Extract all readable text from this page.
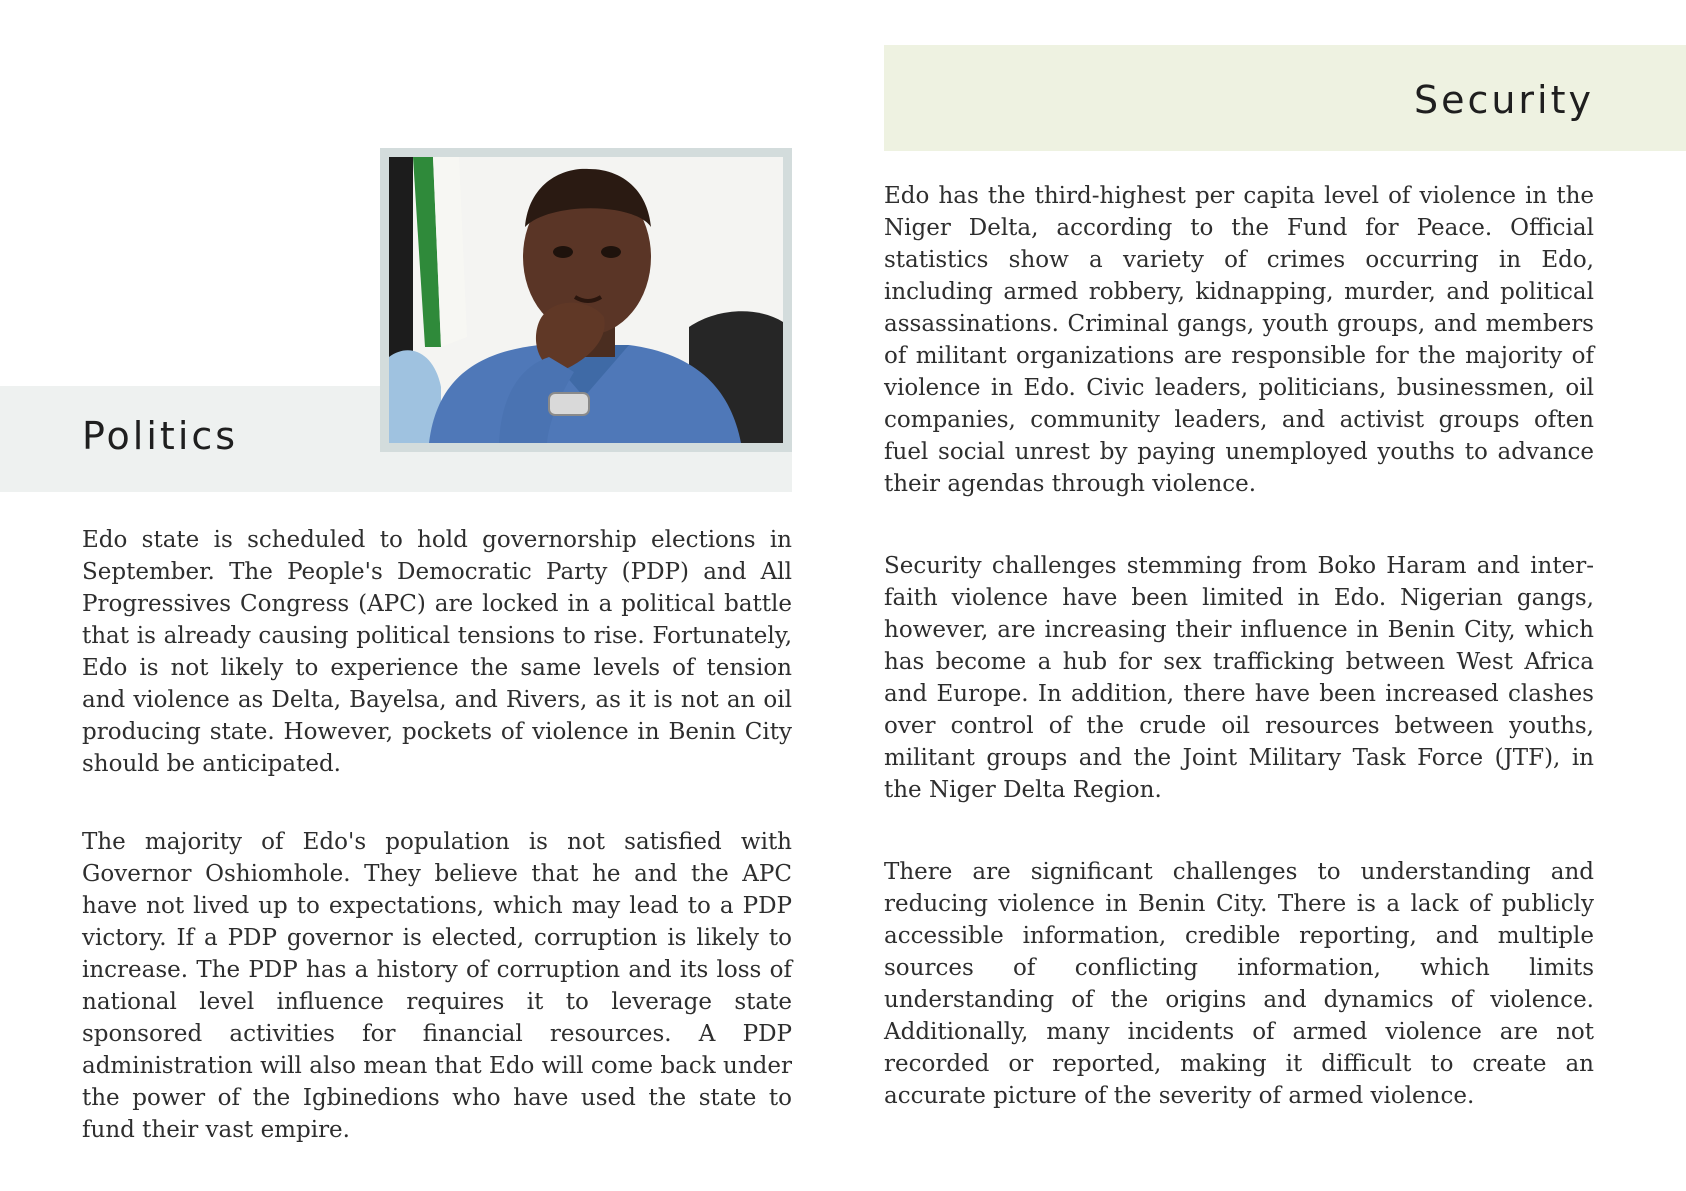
Security
Politics

Edo state is scheduled to hold governorship elections in September. The People's Democratic Party (PDP) and All Progressives Congress (APC) are locked in a political battle that is already causing political tensions to rise. Fortunately, Edo is not likely to experience the same levels of tension and violence as Delta, Bayelsa, and Rivers, as it is not an oil producing state. However, pockets of violence in Benin City should be anticipated.

The majority of Edo's population is not satisfied with Governor Oshiomhole. They believe that he and the APC have not lived up to expectations, which may lead to a PDP victory. If a PDP governor is elected, corruption is likely to increase. The PDP has a history of corruption and its loss of national level influence requires it to leverage state sponsored activities for financial resources. A PDP administration will also mean that Edo will come back under the power of the Igbinedions who have used the state to fund their vast empire.

Edo has the third-highest per capita level of violence in the Niger Delta, according to the Fund for Peace. Official statistics show a variety of crimes occurring in Edo, including armed robbery, kidnapping, murder, and political assassinations. Criminal gangs, youth groups, and members of militant organizations are responsible for the majority of violence in Edo. Civic leaders, politicians, businessmen, oil companies, community leaders, and activist groups often fuel social unrest by paying unemployed youths to advance their agendas through violence.

Security challenges stemming from Boko Haram and inter-faith violence have been limited in Edo. Nigerian gangs, however, are increasing their influence in Benin City, which has become a hub for sex trafficking between West Africa and Europe. In addition, there have been increased clashes over control of the crude oil resources between youths, militant groups and the Joint Military Task Force (JTF), in the Niger Delta Region.

There are significant challenges to understanding and reducing violence in Benin City. There is a lack of publicly accessible information, credible reporting, and multiple sources of conflicting information, which limits understanding of the origins and dynamics of violence. Additionally, many incidents of armed violence are not recorded or reported, making it difficult to create an accurate picture of the severity of armed violence.
